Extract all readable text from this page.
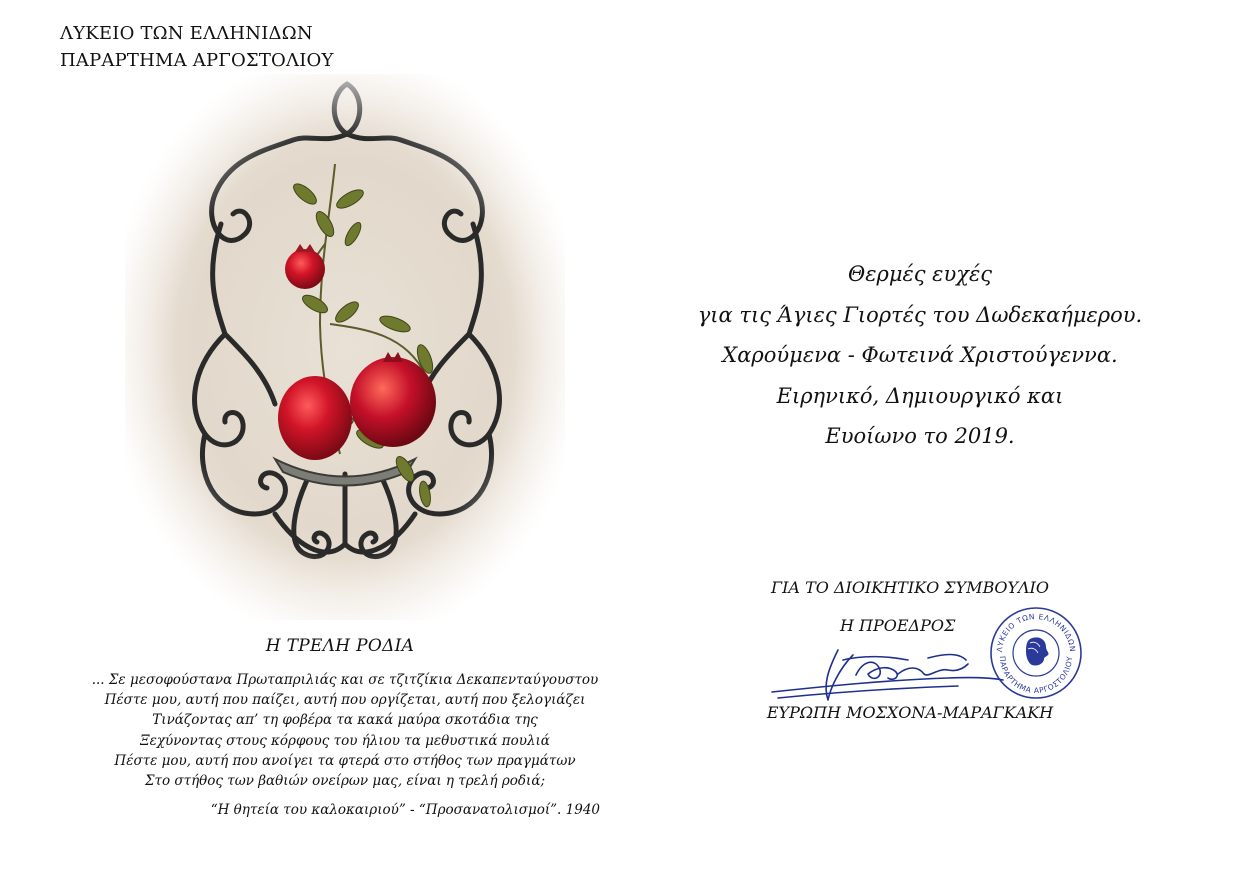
ΛΥΚΕΙΟ ΤΩΝ ΕΛΛΗΝΙΔΩΝ
ΠΑΡΑΡΤΗΜΑ ΑΡΓΟΣΤΟΛΙΟΥ
Η ΤΡΕΛΗ ΡΟΔΙΑ
... Σε μεσοφούστανα Πρωταπριλιάς και σε τζιτζίκια Δεκαπενταύγουστου
Πέστε μου, αυτή που παίζει, αυτή που οργίζεται, αυτή που ξελογιάζει
Τινάζοντας απ’ τη φοβέρα τα κακά μαύρα σκοτάδια της
Ξεχύνοντας στους κόρφους του ήλιου τα μεθυστικά πουλιά
Πέστε μου, αυτή που ανοίγει τα φτερά στο στήθος των πραγμάτων
Στο στήθος των βαθιών ονείρων μας, είναι η τρελή ροδιά;
“Η θητεία του καλοκαιριού” - “Προσανατολισμοί”. 1940
Θερμές ευχές
για τις Άγιες Γιορτές του Δωδεκαήμερου.
Χαρούμενα - Φωτεινά Χριστούγεννα.
Ειρηνικό, Δημιουργικό και
Ευοίωνο το 2019.
ΓΙΑ ΤΟ ΔΙΟΙΚΗΤΙΚΟ ΣΥΜΒΟΥΛΙΟ
Η ΠΡΟΕΔΡΟΣ
ΛΥΚΕΙΟ ΤΩΝ ΕΛΛΗΝΙΔΩΝ
ΠΑΡΑΡΤΗΜΑ ΑΡΓΟΣΤΟΛΙΟΥ
ΕΥΡΩΠΗ ΜΟΣΧΟΝΑ-ΜΑΡΑΓΚΑΚΗ
